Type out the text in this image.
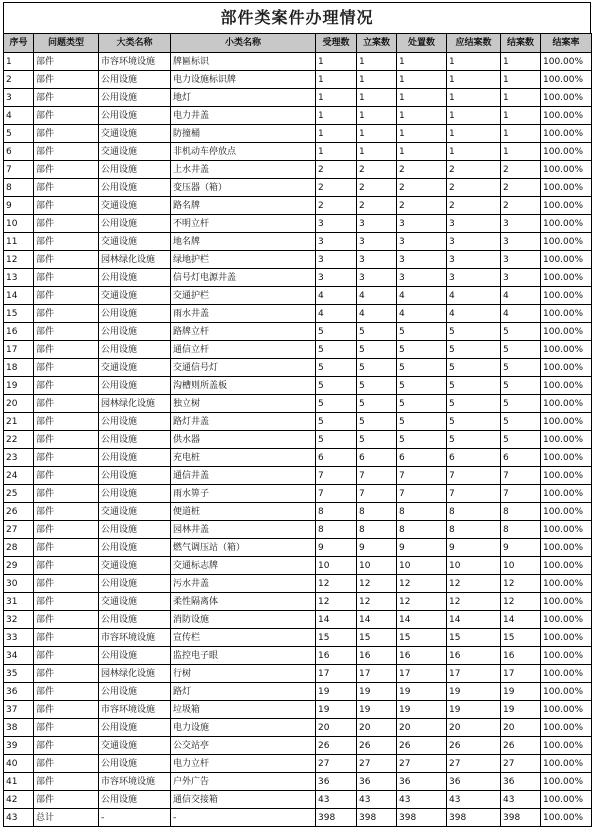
部件类案件办理情况
序号	问题类型	大类名称	小类名称	受理数	立案数	处置数	应结案数	结案数	结案率
1	部件	市容环境设施	牌匾标识	1	1	1	1	1	100.00%
2	部件	公用设施	电力设施标识牌	1	1	1	1	1	100.00%
3	部件	公用设施	地灯	1	1	1	1	1	100.00%
4	部件	公用设施	电力井盖	1	1	1	1	1	100.00%
5	部件	交通设施	防撞桶	1	1	1	1	1	100.00%
6	部件	交通设施	非机动车停放点	1	1	1	1	1	100.00%
7	部件	公用设施	上水井盖	2	2	2	2	2	100.00%
8	部件	公用设施	变压器（箱）	2	2	2	2	2	100.00%
9	部件	交通设施	路名牌	2	2	2	2	2	100.00%
10	部件	公用设施	不明立杆	3	3	3	3	3	100.00%
11	部件	交通设施	地名牌	3	3	3	3	3	100.00%
12	部件	园林绿化设施	绿地护栏	3	3	3	3	3	100.00%
13	部件	公用设施	信号灯电源井盖	3	3	3	3	3	100.00%
14	部件	交通设施	交通护栏	4	4	4	4	4	100.00%
15	部件	公用设施	雨水井盖	4	4	4	4	4	100.00%
16	部件	公用设施	路牌立杆	5	5	5	5	5	100.00%
17	部件	公用设施	通信立杆	5	5	5	5	5	100.00%
18	部件	交通设施	交通信号灯	5	5	5	5	5	100.00%
19	部件	公用设施	沟槽则所盖板	5	5	5	5	5	100.00%
20	部件	园林绿化设施	独立树	5	5	5	5	5	100.00%
21	部件	公用设施	路灯井盖	5	5	5	5	5	100.00%
22	部件	公用设施	供水器	5	5	5	5	5	100.00%
23	部件	公用设施	充电桩	6	6	6	6	6	100.00%
24	部件	公用设施	通信井盖	7	7	7	7	7	100.00%
25	部件	公用设施	雨水箅子	7	7	7	7	7	100.00%
26	部件	交通设施	便道桩	8	8	8	8	8	100.00%
27	部件	公用设施	园林井盖	8	8	8	8	8	100.00%
28	部件	公用设施	燃气调压站（箱）	9	9	9	9	9	100.00%
29	部件	交通设施	交通标志牌	10	10	10	10	10	100.00%
30	部件	公用设施	污水井盖	12	12	12	12	12	100.00%
31	部件	交通设施	柔性隔离体	12	12	12	12	12	100.00%
32	部件	公用设施	消防设施	14	14	14	14	14	100.00%
33	部件	市容环境设施	宣传栏	15	15	15	15	15	100.00%
34	部件	公用设施	监控电子眼	16	16	16	16	16	100.00%
35	部件	园林绿化设施	行树	17	17	17	17	17	100.00%
36	部件	公用设施	路灯	19	19	19	19	19	100.00%
37	部件	市容环境设施	垃圾箱	19	19	19	19	19	100.00%
38	部件	公用设施	电力设施	20	20	20	20	20	100.00%
39	部件	交通设施	公交站亭	26	26	26	26	26	100.00%
40	部件	公用设施	电力立杆	27	27	27	27	27	100.00%
41	部件	市容环境设施	户外广告	36	36	36	36	36	100.00%
42	部件	公用设施	通信交接箱	43	43	43	43	43	100.00%
43	总计	-	-	398	398	398	398	398	100.00%
